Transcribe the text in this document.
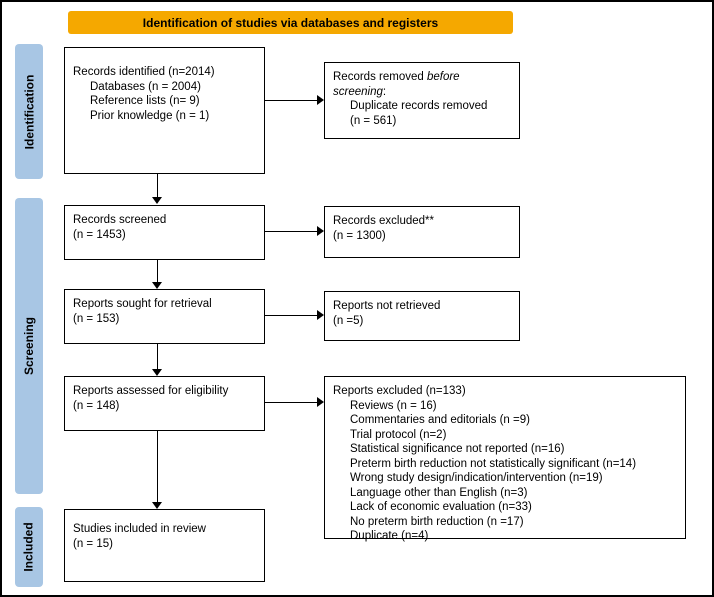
Identification of studies via databases and registers
Identification
Screening
Included
Records identified (n=2014)
Databases (n = 2004)
Reference lists (n= 9)
Prior knowledge (n = 1)
Records removed before screening:
Duplicate records removed
(n = 561)
Records screened
(n = 1453)
Records excluded**
(n = 1300)
Reports sought for retrieval
(n = 153)
Reports not retrieved
(n =5)
Reports assessed for eligibility
(n = 148)
Reports excluded (n=133)
Reviews (n = 16)
Commentaries and editorials (n =9)
Trial protocol (n=2)
Statistical significance not reported (n=16)
Preterm birth reduction not statistically significant (n=14)
Wrong study design/indication/intervention (n=19)
Language other than English (n=3)
Lack of economic evaluation (n=33)
No preterm birth reduction (n =17)
Duplicate (n=4)
Studies included in review
(n = 15)
